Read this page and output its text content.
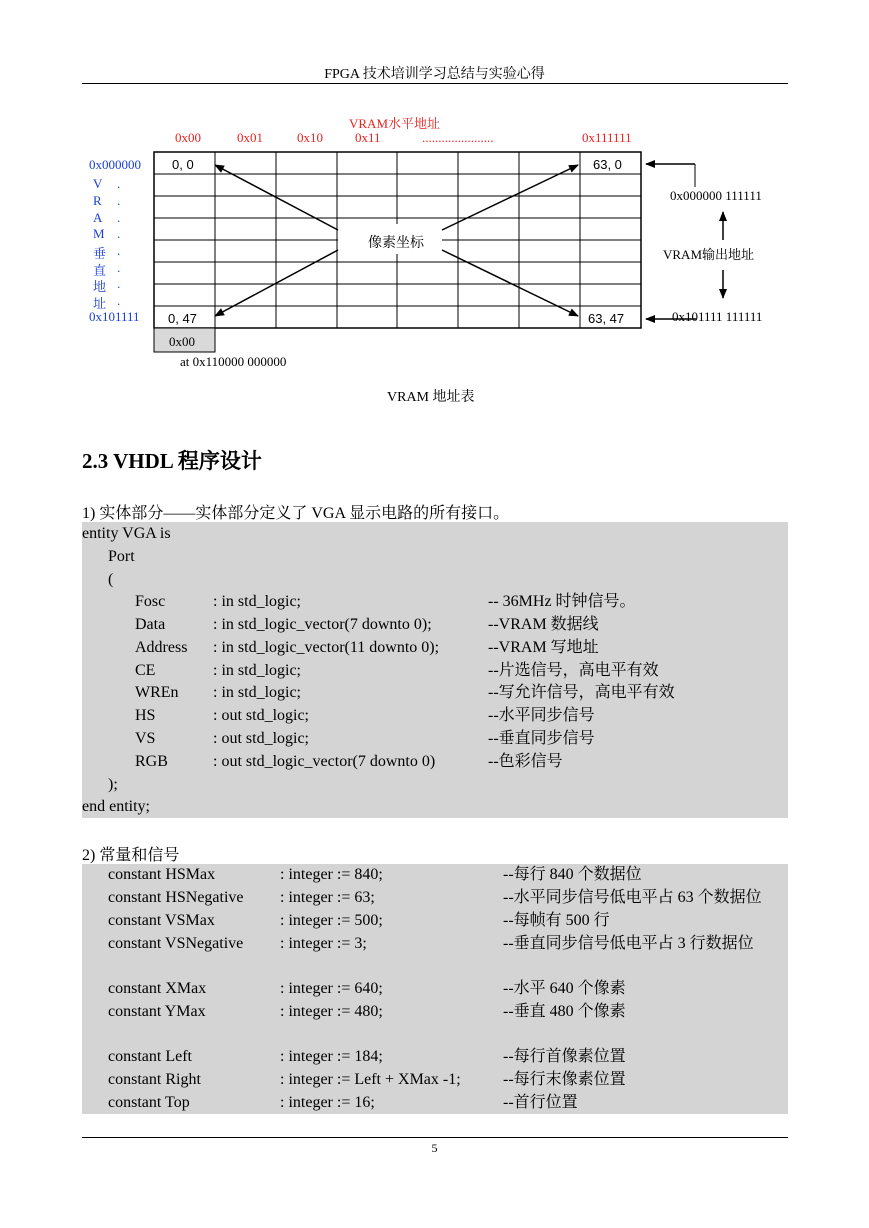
FPGA 技术培训学习总结与实验心得
VRAM水平地址
0x00	0x01	0x10 0x11	......................	0x111111
0x000000
0x101111
V
R
A
M
垂
直
地
址
.
.
.
.
.
.
.
.
0, 0	63, 0
0, 47	63, 47
像素坐标
0x00
at 0x110000 000000
0x000000 111111
VRAM输出地址
0x101111 111111
VRAM 地址表
2.3 VHDL 程序设计
1) 实体部分——实体部分定义了 VGA 显示电路的所有接口。
entity VGA is
Port
(
Fosc	: in std_logic;	-- 36MHz 时钟信号。
Data	: in std_logic_vector(7 downto 0);	--VRAM 数据线
Address : in std_logic_vector(11 downto 0);	--VRAM 写地址
CE	: in std_logic;	--片选信号，高电平有效
WREn : in std_logic;	--写允许信号，高电平有效
HS	: out std_logic;	--水平同步信号
VS	: out std_logic;	--垂直同步信号
RGB	: out std_logic_vector(7 downto 0)	--色彩信号
);
end entity;
2) 常量和信号
constant HSMax	: integer := 840;	--每行 840 个数据位
constant HSNegative : integer := 63;	--水平同步信号低电平占 63 个数据位
constant VSMax	: integer := 500;	--每帧有 500 行
constant VSNegative : integer := 3;	--垂直同步信号低电平占 3 行数据位
constant XMax	: integer := 640;	--水平 640 个像素
constant YMax	: integer := 480;	--垂直 480 个像素
constant Left	: integer := 184;	--每行首像素位置
constant Right	: integer := Left + XMax -1;	--每行末像素位置
constant Top	: integer := 16;	--首行位置
5
